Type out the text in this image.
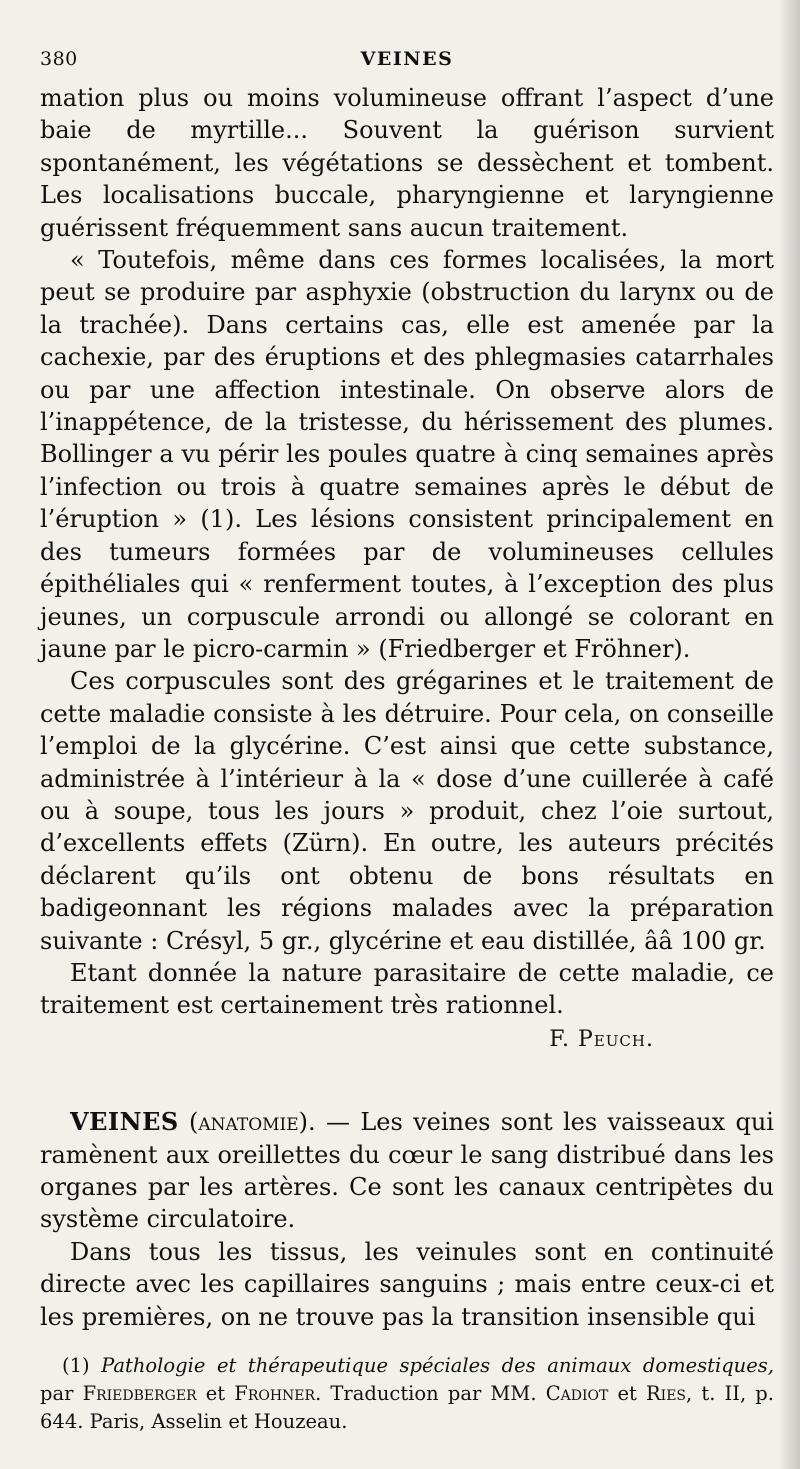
380	VEINES

mation plus ou moins volumineuse offrant l’aspect d’une baie de myrtille... Souvent la guérison survient spontanément, les végétations se dessèchent et tombent. Les localisations buccale, pharyngienne et laryngienne guérissent fréquemment sans aucun traitement.

« Toutefois, même dans ces formes localisées, la mort peut se produire par asphyxie (obstruction du larynx ou de la trachée). Dans certains cas, elle est amenée par la cachexie, par des éruptions et des phlegmasies catarrhales ou par une affection intestinale. On observe alors de l’inappétence, de la tristesse, du hérissement des plumes. Bollinger a vu périr les poules quatre à cinq semaines après l’infection ou trois à quatre semaines après le début de l’éruption » (1). Les lésions consistent principalement en des tumeurs formées par de volumineuses cellules épithéliales qui « renferment toutes, à l’exception des plus jeunes, un corpuscule arrondi ou allongé se colorant en jaune par le picro-carmin » (Friedberger et Fröhner).

Ces corpuscules sont des grégarines et le traitement de cette maladie consiste à les détruire. Pour cela, on conseille l’emploi de la glycérine. C’est ainsi que cette substance, administrée à l’intérieur à la « dose d’une cuillerée à café ou à soupe, tous les jours » produit, chez l’oie surtout, d’excellents effets (Zürn). En outre, les auteurs précités déclarent qu’ils ont obtenu de bons résultats en badigeonnant les régions malades avec la préparation suivante : Crésyl, 5 gr., glycérine et eau distillée, ââ 100 gr.

Etant donnée la nature parasitaire de cette maladie, ce traitement est certainement très rationnel.

F. Peuch.

VEINES (anatomie). — Les veines sont les vaisseaux qui ramènent aux oreillettes du cœur le sang distribué dans les organes par les artères. Ce sont les canaux centripètes du système circulatoire.

Dans tous les tissus, les veinules sont en continuité directe avec les capillaires sanguins ; mais entre ceux-ci et les premières, on ne trouve pas la transition insensible qui

(1) Pathologie et thérapeutique spéciales des animaux domestiques, par Friedberger et Frohner. Traduction par MM. Cadiot et Ries, t. II, p. 644. Paris, Asselin et Houzeau.
